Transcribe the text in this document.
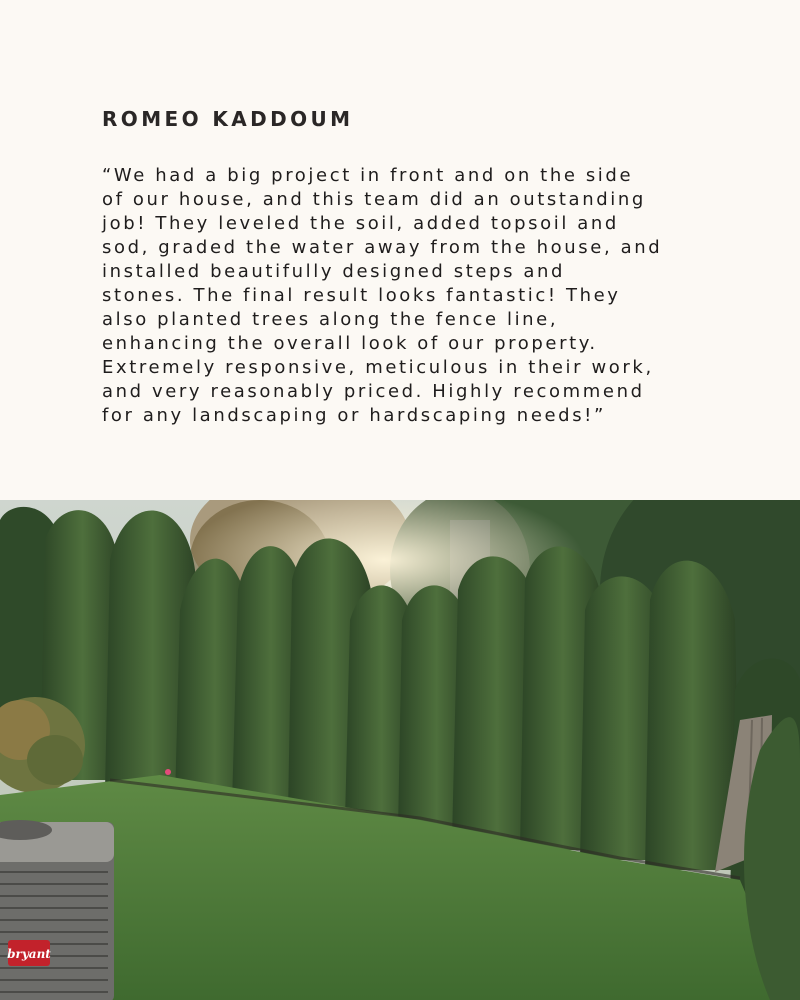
ROMEO KADDOUM

“We had a big project in front and on the side
of our house, and this team did an outstanding
job! They leveled the soil, added topsoil and
sod, graded the water away from the house, and
installed beautifully designed steps and
stones. The final result looks fantastic! They
also planted trees along the fence line,
enhancing the overall look of our property.
Extremely responsive, meticulous in their work,
and very reasonably priced. Highly recommend
for any landscaping or hardscaping needs!”

bryant
